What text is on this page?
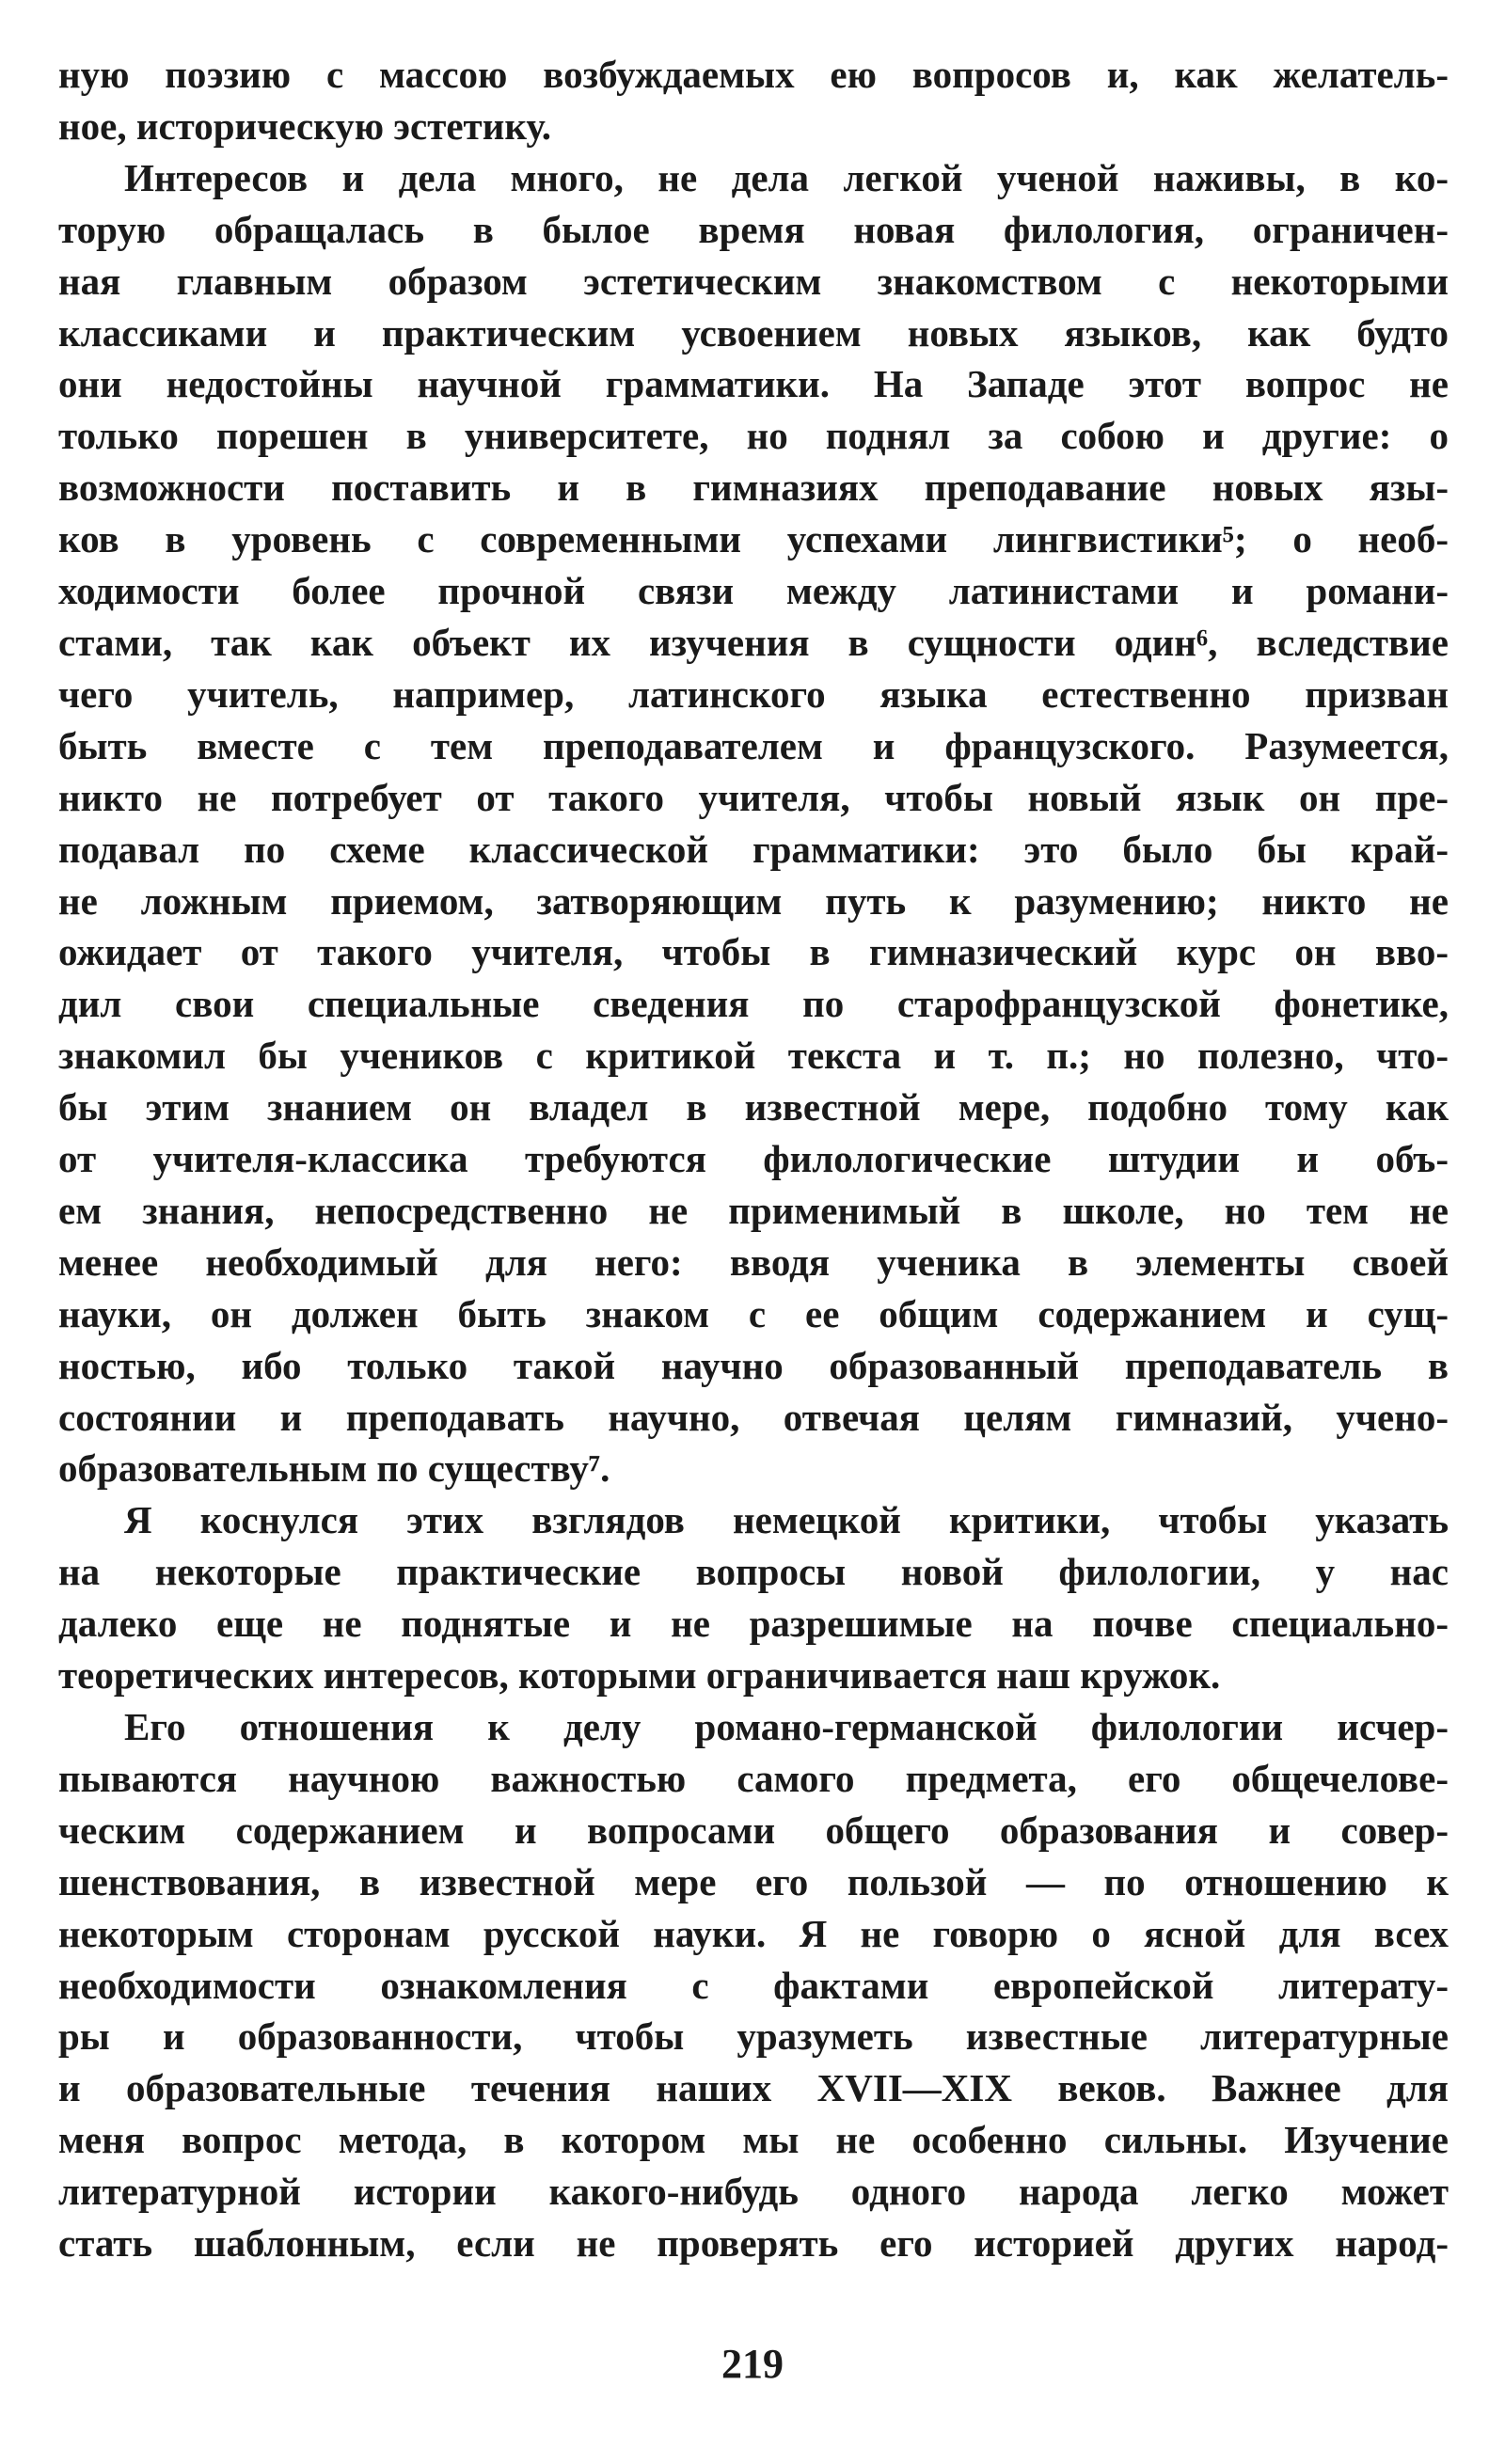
ную поэзию с массою возбуждаемых ею вопросов и, как желатель-
ное, историческую эстетику.
Интересов и дела много, не дела легкой ученой наживы, в ко-
торую обращалась в былое время новая филология, ограничен-
ная главным образом эстетическим знакомством с некоторыми
классиками и практическим усвоением новых языков, как будто
они недостойны научной грамматики. На Западе этот вопрос не
только порешен в университете, но поднял за собою и другие: о
возможности поставить и в гимназиях преподавание новых язы-
ков в уровень с современными успехами лингвистики⁵; о необ-
ходимости более прочной связи между латинистами и романи-
стами, так как объект их изучения в сущности один⁶, вследствие
чего учитель, например, латинского языка естественно призван
быть вместе с тем преподавателем и французского. Разумеется,
никто не потребует от такого учителя, чтобы новый язык он пре-
подавал по схеме классической грамматики: это было бы край-
не ложным приемом, затворяющим путь к разумению; никто не
ожидает от такого учителя, чтобы в гимназический курс он вво-
дил свои специальные сведения по старофранцузской фонетике,
знакомил бы учеников с критикой текста и т. п.; но полезно, что-
бы этим знанием он владел в известной мере, подобно тому как
от учителя-классика требуются филологические штудии и объ-
ем знания, непосредственно не применимый в школе, но тем не
менее необходимый для него: вводя ученика в элементы своей
науки, он должен быть знаком с ее общим содержанием и сущ-
ностью, ибо только такой научно образованный преподаватель в
состоянии и преподавать научно, отвечая целям гимназий, учено-
образовательным по существу⁷.
Я коснулся этих взглядов немецкой критики, чтобы указать
на некоторые практические вопросы новой филологии, у нас
далеко еще не поднятые и не разрешимые на почве специально-
теоретических интересов, которыми ограничивается наш кружок.
Его отношения к делу романо-германской филологии исчер-
пываются научною важностью самого предмета, его общечелове-
ческим содержанием и вопросами общего образования и совер-
шенствования, в известной мере его пользой — по отношению к
некоторым сторонам русской науки. Я не говорю о ясной для всех
необходимости ознакомления с фактами европейской литерату-
ры и образованности, чтобы уразуметь известные литературные
и образовательные течения наших XVII—XIX веков. Важнее для
меня вопрос метода, в котором мы не особенно сильны. Изучение
литературной истории какого-нибудь одного народа легко может
стать шаблонным, если не проверять его историей других народ-
219
